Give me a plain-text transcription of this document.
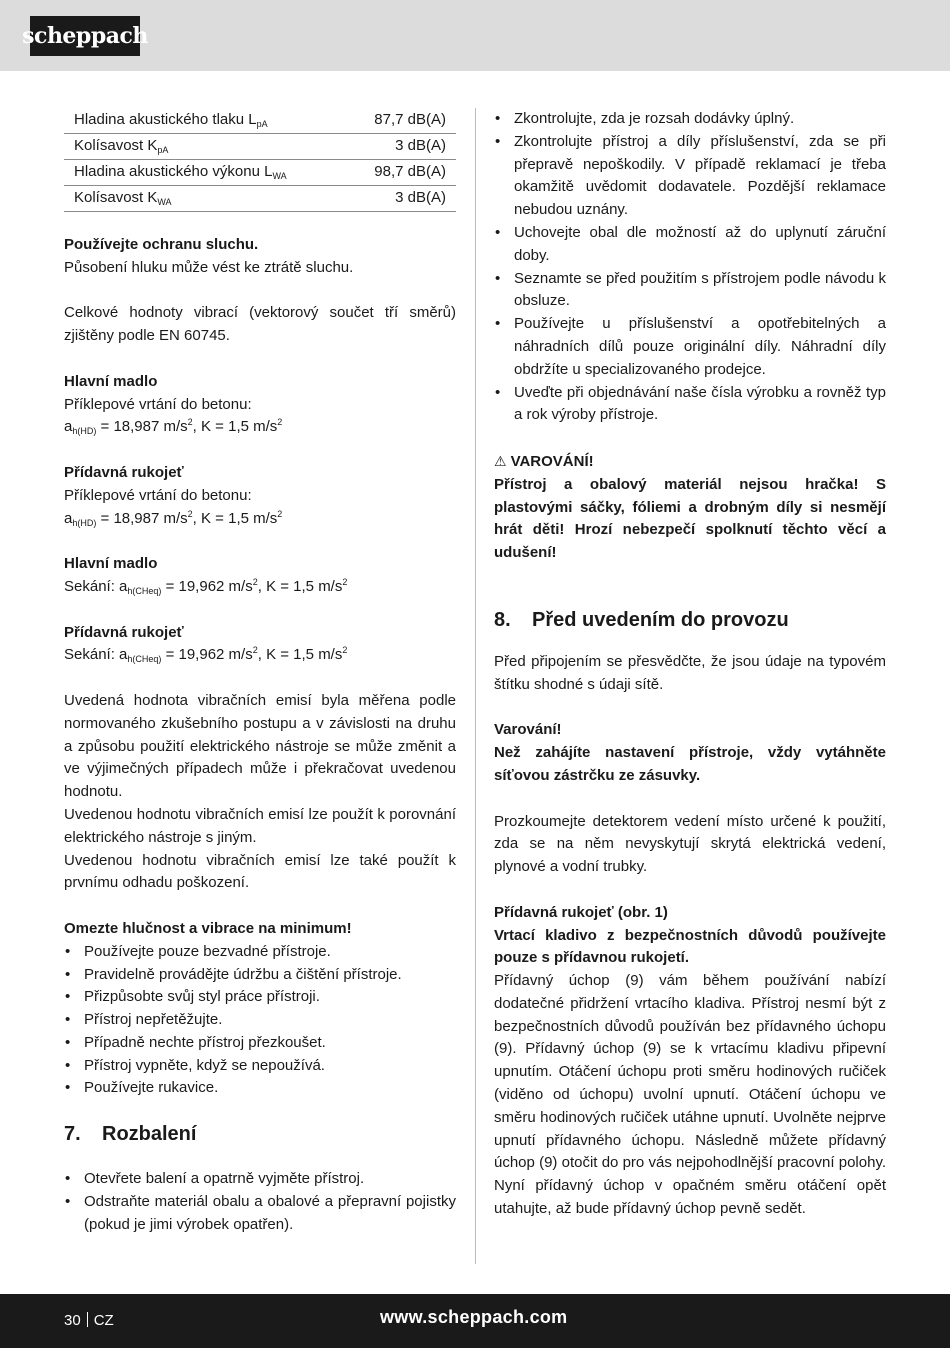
scheppach
Hladina akustického tlaku $L_{pA}$	87,7 dB(A)
Kolísavost $K_{pA}$	3 dB(A)
Hladina akustického výkonu $L_{WA}$	98,7 dB(A)
Kolísavost $K_{WA}$	3 dB(A)

Používejte ochranu sluchu.

Působení hluku může vést ke ztrátě sluchu.

Celkové hodnoty vibrací (vektorový součet tří směrů) zjištěny podle EN 60745.

Hlavní madlo

Příklepové vrtání do betonu:

$a_{h(HD)} = 18,987$ $m/s^2$, K = 1,5 $m/s^2$

Přídavná rukojeť

Příklepové vrtání do betonu:

$a_{h(HD)} = 18,987$ $m/s^2$, K = 1,5 $m/s^2$

Hlavní madlo

Sekání: $a_{h(CHeq)} = 19,962$ $m/s^2$, K = 1,5 $m/s^2$

Přídavná rukojeť

Sekání: $a_{h(CHeq)} = 19,962$ $m/s^2$, K = 1,5 $m/s^2$

Uvedená hodnota vibračních emisí byla měřena podle normovaného zkušebního postupu a v závislosti na druhu a způsobu použití elektrického nástroje se může změnit a ve výjimečných případech může i překračovat uvedenou hodnotu.

Uvedenou hodnotu vibračních emisí lze použít k porovnání elektrického nástroje s jiným.

Uvedenou hodnotu vibračních emisí lze také použít k prvnímu odhadu poškození.

Omezte hlučnost a vibrace na minimum!

• Používejte pouze bezvadné přístroje.
• Pravidelně provádějte údržbu a čištění přístroje.
• Přizpůsobte svůj styl práce přístroji.
• Přístroj nepřetěžujte.
• Případně nechte přístroj přezkoušet.
• Přístroj vypněte, když se nepoužívá.
• Používejte rukavice.
7.	Rozbalení
• Otevřete balení a opatrně vyjměte přístroj.
• Odstraňte materiál obalu a obalové a přepravní pojistky (pokud je jimi výrobek opatřen).
• Zkontrolujte, zda je rozsah dodávky úplný.
• Zkontrolujte přístroj a díly příslušenství, zda se při přepravě nepoškodily. V případě reklamací je třeba okamžitě uvědomit dodavatele. Pozdější reklamace nebudou uznány.
• Uchovejte obal dle možností až do uplynutí záruční doby.
• Seznamte se před použitím s přístrojem podle návodu k obsluze.
• Používejte u příslušenství a opotřebitelných a náhradních dílů pouze originální díly. Náhradní díly obdržíte u specializovaného prodejce.
• Uveďte při objednávání naše čísla výrobku a rovněž typ a rok výroby přístroje.

⚠ VAROVÁNÍ!

Přístroj a obalový materiál nejsou hračka! S plastovými sáčky, fóliemi a drobným díly si nesmějí hrát děti! Hrozí nebezpečí spolknutí těchto věcí a udušení!

8.	Před uvedením do provozu

Před připojením se přesvědčte, že jsou údaje na typovém štítku shodné s údaji sítě.

Varování!

Než zahájíte nastavení přístroje, vždy vytáhněte síťovou zástrčku ze zásuvky.

Prozkoumejte detektorem vedení místo určené k použití, zda se na něm nevyskytují skrytá elektrická vedení, plynové a vodní trubky.

Přídavná rukojeť (obr. 1)

Vrtací kladivo z bezpečnostních důvodů používejte pouze s přídavnou rukojetí.

Přídavný úchop (9) vám během používání nabízí dodatečné přidržení vrtacího kladiva. Přístroj nesmí být z bezpečnostních důvodů používán bez přídavného úchopu (9). Přídavný úchop (9) se k vrtacímu kladivu připevní upnutím. Otáčení úchopu proti směru hodinových ručiček (viděno od úchopu) uvolní upnutí. Otáčení úchopu ve směru hodinových ručiček utáhne upnutí. Uvolněte nejprve upnutí přídavného úchopu. Následně můžete přídavný úchop (9) otočit do pro vás nejpohodlnější pracovní polohy. Nyní přídavný úchop v opačném směru otáčení opět utahujte, až bude přídavný úchop pevně sedět.

30 CZ	www.scheppach.com
